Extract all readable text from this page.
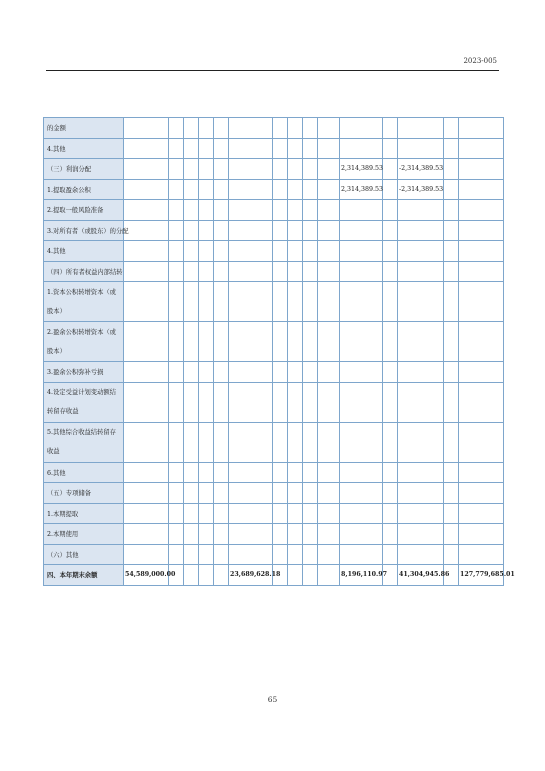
2023-005
的金额															
4.其他															
（三）利润分配											2,314,389.53		-2,314,389.53		
1.提取盈余公积											2,314,389.53		-2,314,389.53		
2.提取一般风险准备															
3.对所有者（或股东）的分配															
4.其他															
（四）所有者权益内部结转															
1.资本公积转增资本（或股本）															
2.盈余公积转增资本（或股本）															
3.盈余公积弥补亏损															
4.设定受益计划变动额结转留存收益															
5.其他综合收益结转留存收益															
6.其他															
（五）专项储备															
1.本期提取															
2.本期使用															
（六）其他															
四、本年期末余额	54,589,000.00					23,689,628.18					8,196,110.97		41,304,945.86		127,779,685.01
65
